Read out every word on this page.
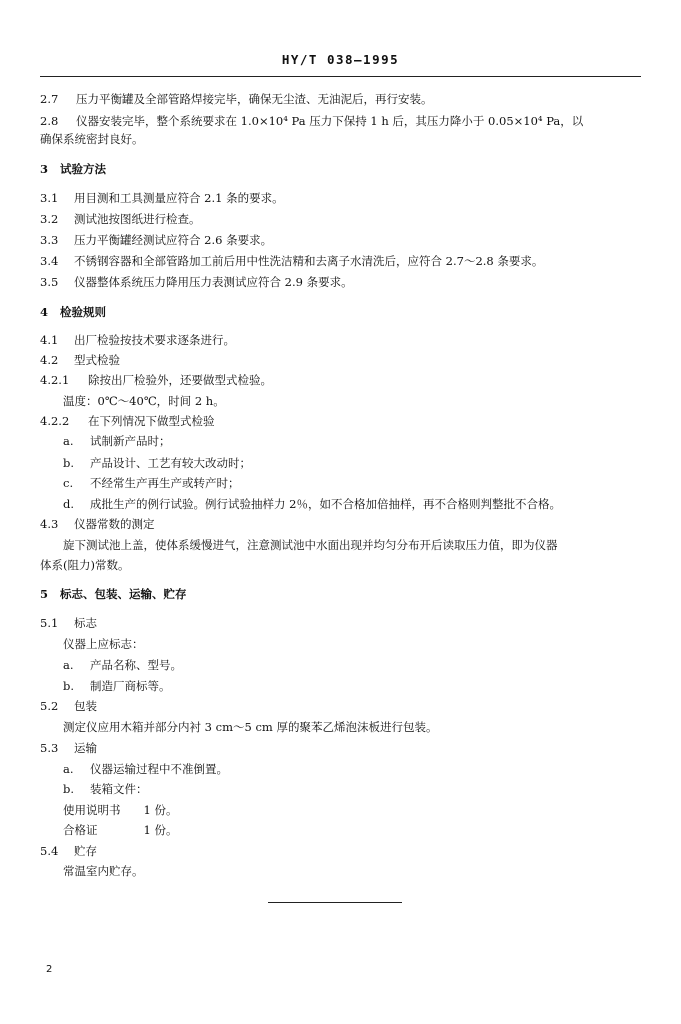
HY/T 038—1995
2.7 压力平衡罐及全部管路焊接完毕，确保无尘渣、无油泥后，再行安装。
2.8 仪器安装完毕，整个系统要求在 1.0×10⁴ Pa 压力下保持 1 h 后，其压力降小于 0.05×10⁴ Pa，以
确保系统密封良好。
3 试验方法
3.1 用目测和工具测量应符合 2.1 条的要求。
3.2 测试池按图纸进行检查。
3.3 压力平衡罐经测试应符合 2.6 条要求。
3.4 不锈钢容器和全部管路加工前后用中性洗洁精和去离子水清洗后，应符合 2.7～2.8 条要求。
3.5 仪器整体系统压力降用压力表测试应符合 2.9 条要求。
4 检验规则
4.1 出厂检验按技术要求逐条进行。
4.2 型式检验
4.2.1 除按出厂检验外，还要做型式检验。
温度：0℃～40℃，时间 2 h。
4.2.2 在下列情况下做型式检验
a. 试制新产品时；
b. 产品设计、工艺有较大改动时；
c. 不经常生产再生产或转产时；
d. 成批生产的例行试验。例行试验抽样力 2％，如不合格加倍抽样，再不合格则判整批不合格。
4.3 仪器常数的测定
旋下测试池上盖，使体系缓慢进气，注意测试池中水面出现并均匀分布开后读取压力值，即为仪器
体系(阻力)常数。
5 标志、包装、运输、贮存
5.1 标志
仪器上应标志：
a. 产品名称、型号。
b. 制造厂商标等。
5.2 包装
测定仪应用木箱并部分内衬 3 cm～5 cm 厚的聚苯乙烯泡沫板进行包装。
5.3 运输
a. 仪器运输过程中不准倒置。
b. 装箱文件：
使用说明书　　1 份。
合格证　　　　1 份。
5.4 贮存
常温室内贮存。
2
